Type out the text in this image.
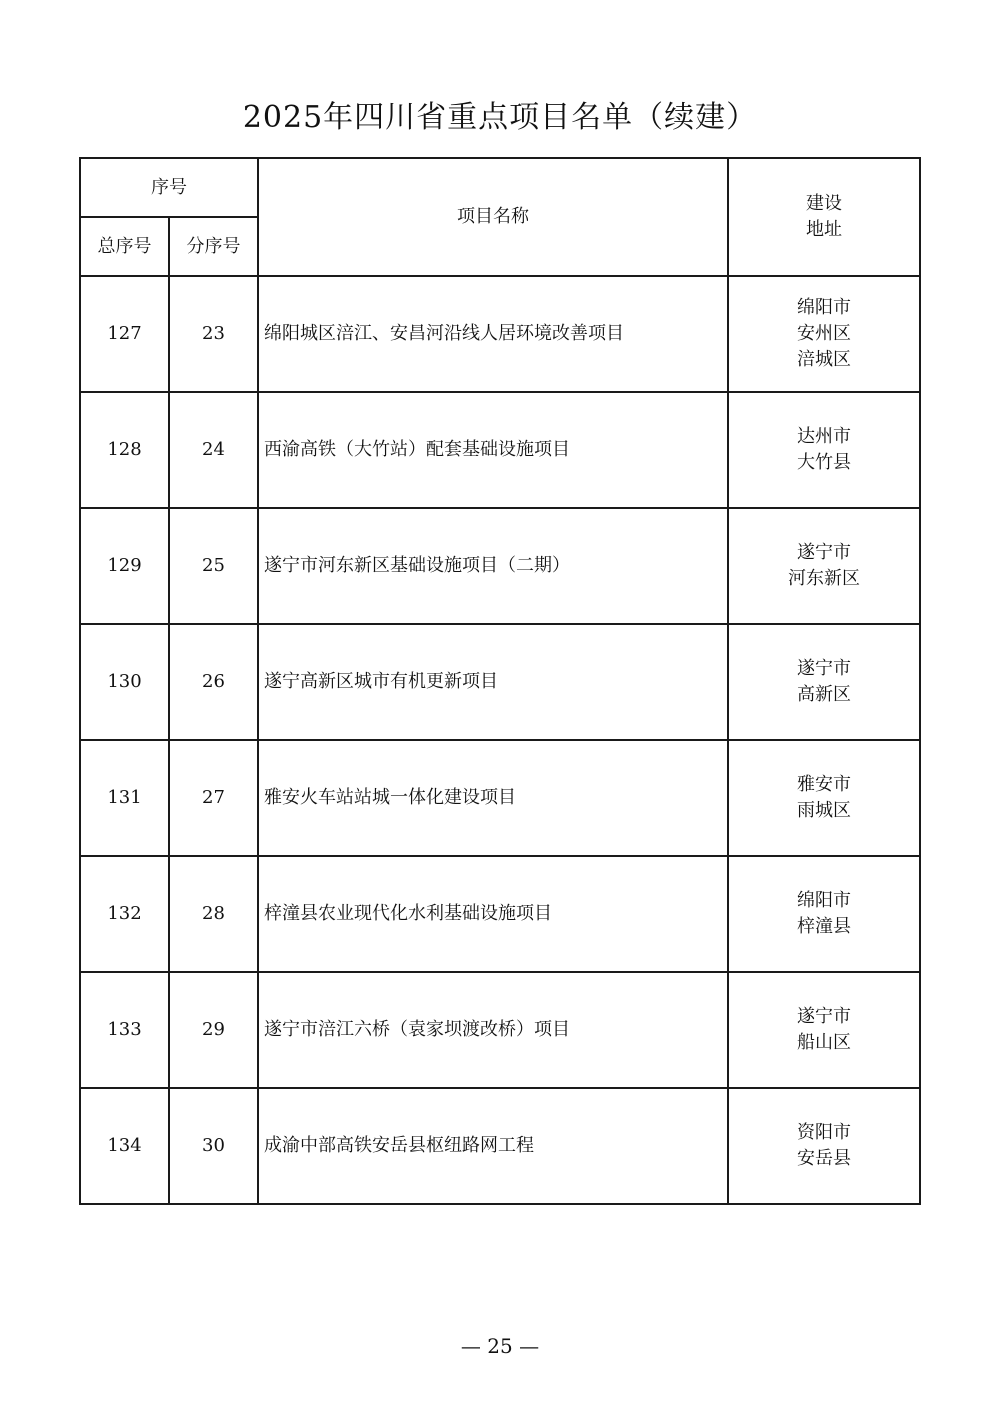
2025年四川省重点项目名单（续建）
序号		项目名称	建设
地址

总序号	分序号		
127	23	绵阳城区涪江、安昌河沿线人居环境改善项目	绵阳市
安州区
涪城区

128	24	西渝高铁（大竹站）配套基础设施项目	达州市
大竹县

129	25	遂宁市河东新区基础设施项目（二期）	遂宁市
河东新区

130	26	遂宁高新区城市有机更新项目	遂宁市
高新区

131	27	雅安火车站站城一体化建设项目	雅安市
雨城区

132	28	梓潼县农业现代化水利基础设施项目	绵阳市
梓潼县

133	29	遂宁市涪江六桥（袁家坝渡改桥）项目	遂宁市
船山区

134	30	成渝中部高铁安岳县枢纽路网工程	资阳市
安岳县
— 25 —
